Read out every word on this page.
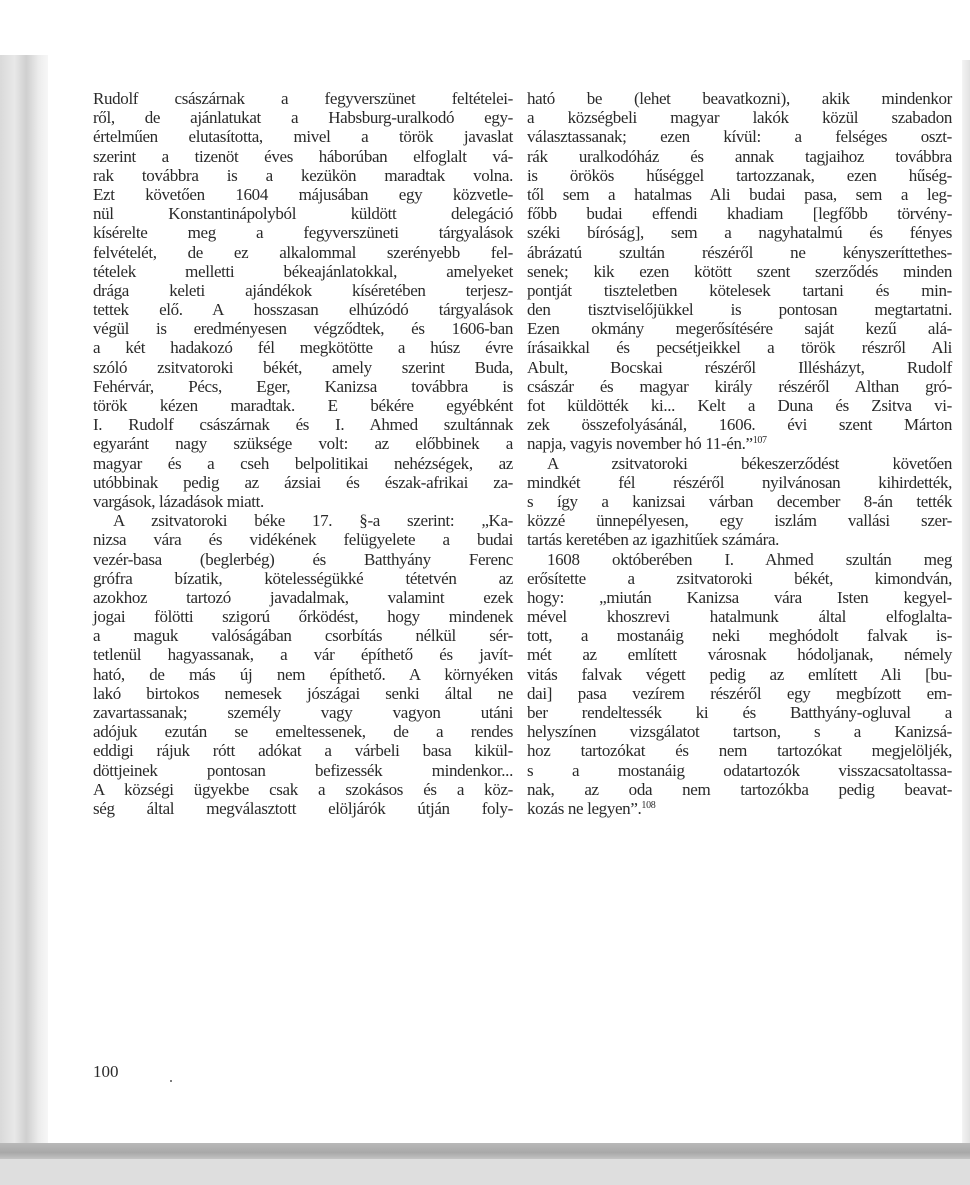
Rudolf császárnak a fegyverszünet feltételei-
ről, de ajánlatukat a Habsburg-uralkodó egy-
értelműen elutasította, mivel a török javaslat
szerint a tizenöt éves háborúban elfoglalt vá-
rak továbbra is a kezükön maradtak volna.
Ezt követően 1604 májusában egy közvetle-
nül Konstantinápolyból küldött delegáció
kísérelte meg a fegyverszüneti tárgyalások
felvételét, de ez alkalommal szerényebb fel-
tételek melletti békeajánlatokkal, amelyeket
drága keleti ajándékok kíséretében terjesz-
tettek elő. A hosszasan elhúzódó tárgyalások
végül is eredményesen végződtek, és 1606-ban
a két hadakozó fél megkötötte a húsz évre
szóló zsitvatoroki békét, amely szerint Buda,
Fehérvár, Pécs, Eger, Kanizsa továbbra is
török kézen maradtak. E békére egyébként
I. Rudolf császárnak és I. Ahmed szultánnak
egyaránt nagy szüksége volt: az előbbinek a
magyar és a cseh belpolitikai nehézségek, az
utóbbinak pedig az ázsiai és észak-afrikai za-
vargások, lázadások miatt.
A zsitvatoroki béke 17. §-a szerint: „Ka-
nizsa vára és vidékének felügyelete a budai
vezér-basa (beglerbég) és Batthyány Ferenc
grófra bízatik, kötelességükké tétetvén az
azokhoz tartozó javadalmak, valamint ezek
jogai fölötti szigorú őrködést, hogy mindenek
a maguk valóságában csorbítás nélkül sér-
tetlenül hagyassanak, a vár építhető és javít-
ható, de más új nem építhető. A környéken
lakó birtokos nemesek jószágai senki által ne
zavartassanak; személy vagy vagyon utáni
adójuk ezután se emeltessenek, de a rendes
eddigi rájuk rótt adókat a várbeli basa kikül-
döttjeinek pontosan befizessék mindenkor...
A községi ügyekbe csak a szokásos és a köz-
ség által megválasztott elöljárók útján foly-
ható be (lehet beavatkozni), akik mindenkor
a községbeli magyar lakók közül szabadon
választassanak; ezen kívül: a felséges oszt-
rák uralkodóház és annak tagjaihoz továbbra
is örökös hűséggel tartozzanak, ezen hűség-
től sem a hatalmas Ali budai pasa, sem a leg-
főbb budai effendi khadiam [legfőbb törvény-
széki bíróság], sem a nagyhatalmú és fényes
ábrázatú szultán részéről ne kényszeríttethes-
senek; kik ezen kötött szent szerződés minden
pontját tiszteletben kötelesek tartani és min-
den tisztviselőjükkel is pontosan megtartatni.
Ezen okmány megerősítésére saját kezű alá-
írásaikkal és pecsétjeikkel a török részről Ali
Abult, Bocskai részéről Illésházyt, Rudolf
császár és magyar király részéről Althan gró-
fot küldötték ki... Kelt a Duna és Zsitva vi-
zek összefolyásánál, 1606. évi szent Márton
napja, vagyis november hó 11-én.”$^{107}$
A zsitvatoroki békeszerződést követően
mindkét fél részéről nyilvánosan kihirdették,
s így a kanizsai várban december 8-án tették
közzé ünnepélyesen, egy iszlám vallási szer-
tartás keretében az igazhitűek számára.
1608 októberében I. Ahmed szultán meg
erősítette a zsitvatoroki békét, kimondván,
hogy: „miután Kanizsa vára Isten kegyel-
mével khoszrevi hatalmunk által elfoglalta-
tott, a mostanáig neki meghódolt falvak is-
mét az említett városnak hódoljanak, némely
vitás falvak végett pedig az említett Ali [bu-
dai] pasa vezírem részéről egy megbízott em-
ber rendeltessék ki és Batthyány-ogluval a
helyszínen vizsgálatot tartson, s a Kanizsá-
hoz tartozókat és nem tartozókat megjelöljék,
s a mostanáig odatartozók visszacsatoltassa-
nak, az oda nem tartozókba pedig beavat-
kozás ne legyen”.$^{108}$
100
